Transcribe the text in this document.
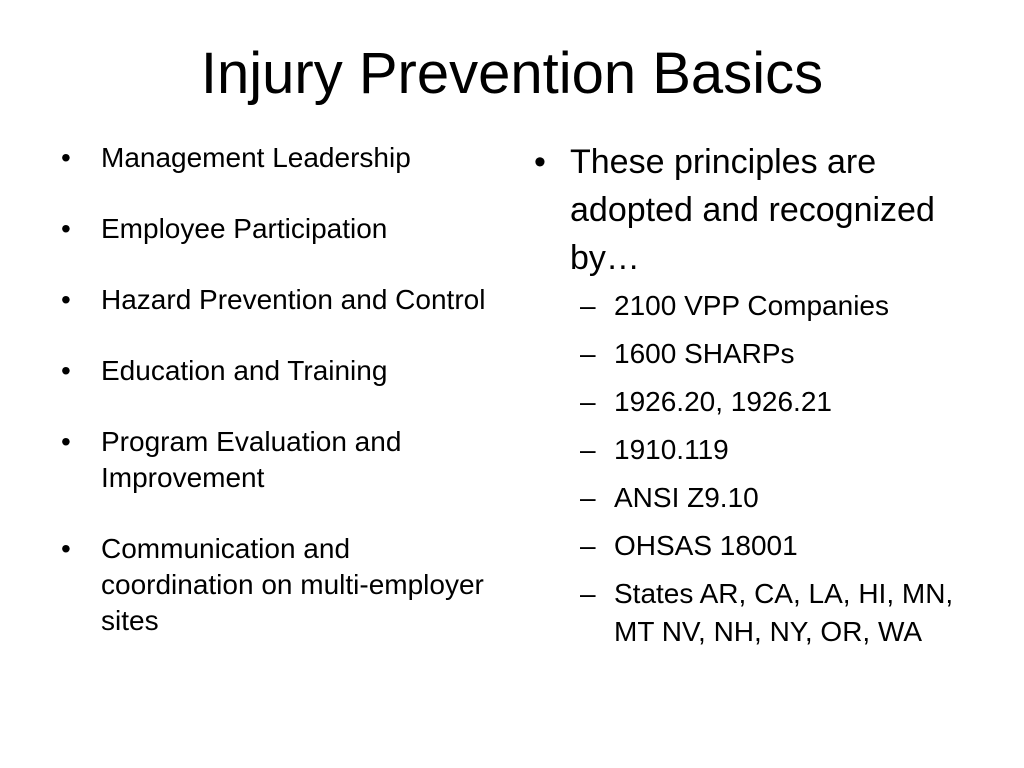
Injury Prevention Basics
• Management Leadership
• Employee Participation
• Hazard Prevention and Control
• Education and Training
• Program Evaluation and Improvement
• Communication and coordination on multi-employer sites
• These principles are adopted and recognized by…
– 2100 VPP Companies
– 1600 SHARPs
– 1926.20, 1926.21
– 1910.119
– ANSI Z9.10
– OHSAS 18001
– States AR, CA, LA, HI, MN, MT NV, NH, NY, OR, WA
